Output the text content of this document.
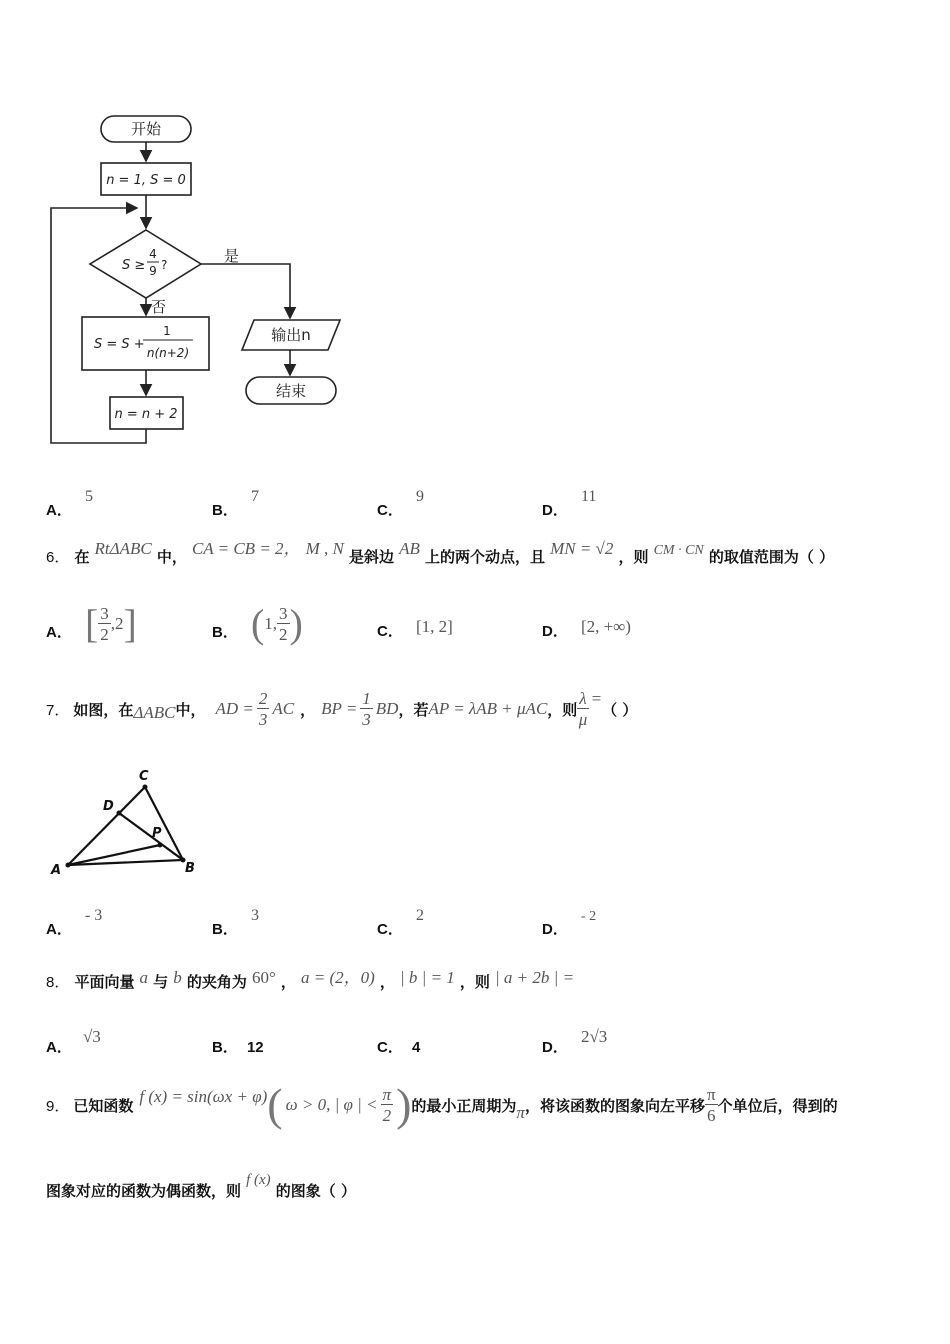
开始
n = 1, S = 0
S ≥
4
9 ?	是
否
S = S +
1
n(n+2)
n = n + 2
输出n
结束
A． 5
B． 7
C． 9
D． 11
6． 在 RtΔABC 中， CA = CB = 2， M , N 是斜边 AB 上的两个动点，且 MN = √2 ，则 CM · CN 的取值范围为（ ）
A． [ $\frac{3}{2} ,2$ ]	B． ( 1, $\frac{3}{2}$ )	C． [1, 2]	D． [2, +∞)
7． 如图，在 ΔABC 中， AD = $\frac{2}{3}$ AC ， BP = $\frac{1}{3}$ BD ，若 AP = λAB + μAC ，则 $\frac{\lambda}{\mu}$ =
（ ）
A	B
C
D
P
A． - 3
B． 3
C． 2
D． - 2
8． 平面向量 a 与 b 的夹角为 60° ， a = (2，0) ， | b | = 1 ，则 | a + 2b | =
A． √3
B． 12	C． 4	D． 2√3
9． 已知函数 f (x) = sin(ωx + φ) ( ω > 0, | φ | < $\frac{\pi}{2}$ ) 的最小正周期为 π ，将该函数的图象向左平移 $\frac{\pi}{6}$ 个单位后，得到的
图象对应的函数为偶函数，则 f (x) 的图象（ ）
